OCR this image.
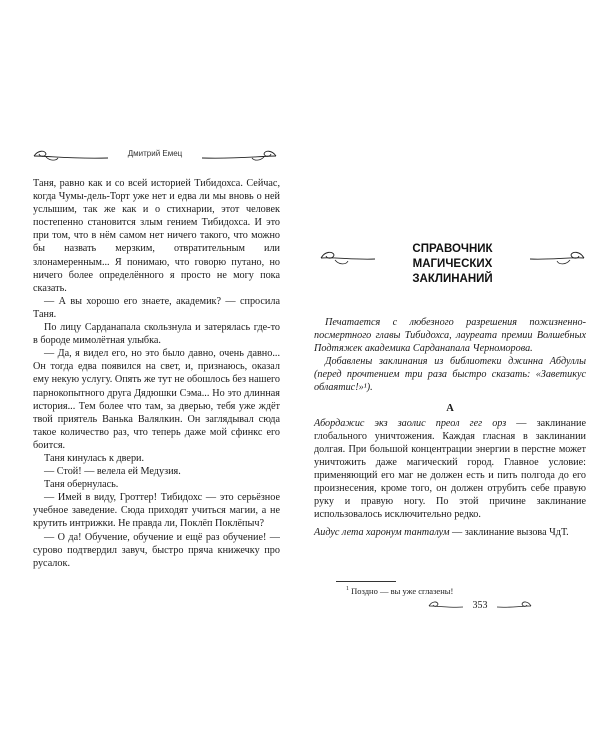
Дмитрий Емец

Таня, равно как и со всей историей Тибидохса. Сейчас, когда Чумы-дель-Торт уже нет и едва ли мы вновь о ней услышим, так же как и о стихнарии, этот человек постепенно становится злым гением Тибидохса. И это при том, что в нём самом нет ничего такого, что можно бы назвать мерзким, отвратительным или злонамеренным... Я понимаю, что говорю путано, но ничего более определённого я просто не могу пока сказать.

— А вы хорошо его знаете, академик? — спросила Таня.

По лицу Сарданапала скользнула и затерялась где-то в бороде мимолётная улыбка.

— Да, я видел его, но это было давно, очень давно... Он тогда едва появился на свет, и, признаюсь, оказал ему некую услугу. Опять же тут не обошлось без нашего парнокопытного друга Дядюшки Сэма... Но это длинная история... Тем более что там, за дверью, тебя уже ждёт твой приятель Ванька Валялкин. Он заглядывал сюда такое количество раз, что теперь даже мой сфинкс его боится.

Таня кинулась к двери.

— Стой! — велела ей Медузия.

Таня обернулась.

— Имей в виду, Гроттер! Тибидохс — это серьёзное учебное заведение. Сюда приходят учиться магии, а не крутить интрижки. Не правда ли, Поклёп Поклёпыч?

— О да! Обучение, обучение и ещё раз обучение! — сурово подтвердил завуч, быстро пряча книжечку про русалок.

СПРАВОЧНИК
МАГИЧЕСКИХ ЗАКЛИНАНИЙ

Печатается с любезного разрешения пожизненно-посмертного главы Тибидохса, лауреата премии Волшебных Подтяжек академика Сарданапала Черноморова.

Добавлены заклинания из библиотеки джинна Абдуллы (перед прочтением три раза быстро сказать: «Заветикус облаятис!»¹).

А

Абордажис экз заолис преол гег орз — заклинание глобального уничтожения. Каждая гласная в заклинании долгая. При большой концентрации энергии в перстне может уничтожить даже магический город. Главное условие: применяющий его маг не должен есть и пить полгода до его произнесения, кроме того, он должен отрубить себе правую руку и правую ногу. По этой причине заклинание использовалось исключительно редко.

Аидус лета харонум танталум — заклинание вызова ЧдТ.

$^1$ Поздно — вы уже сглазены!
353
